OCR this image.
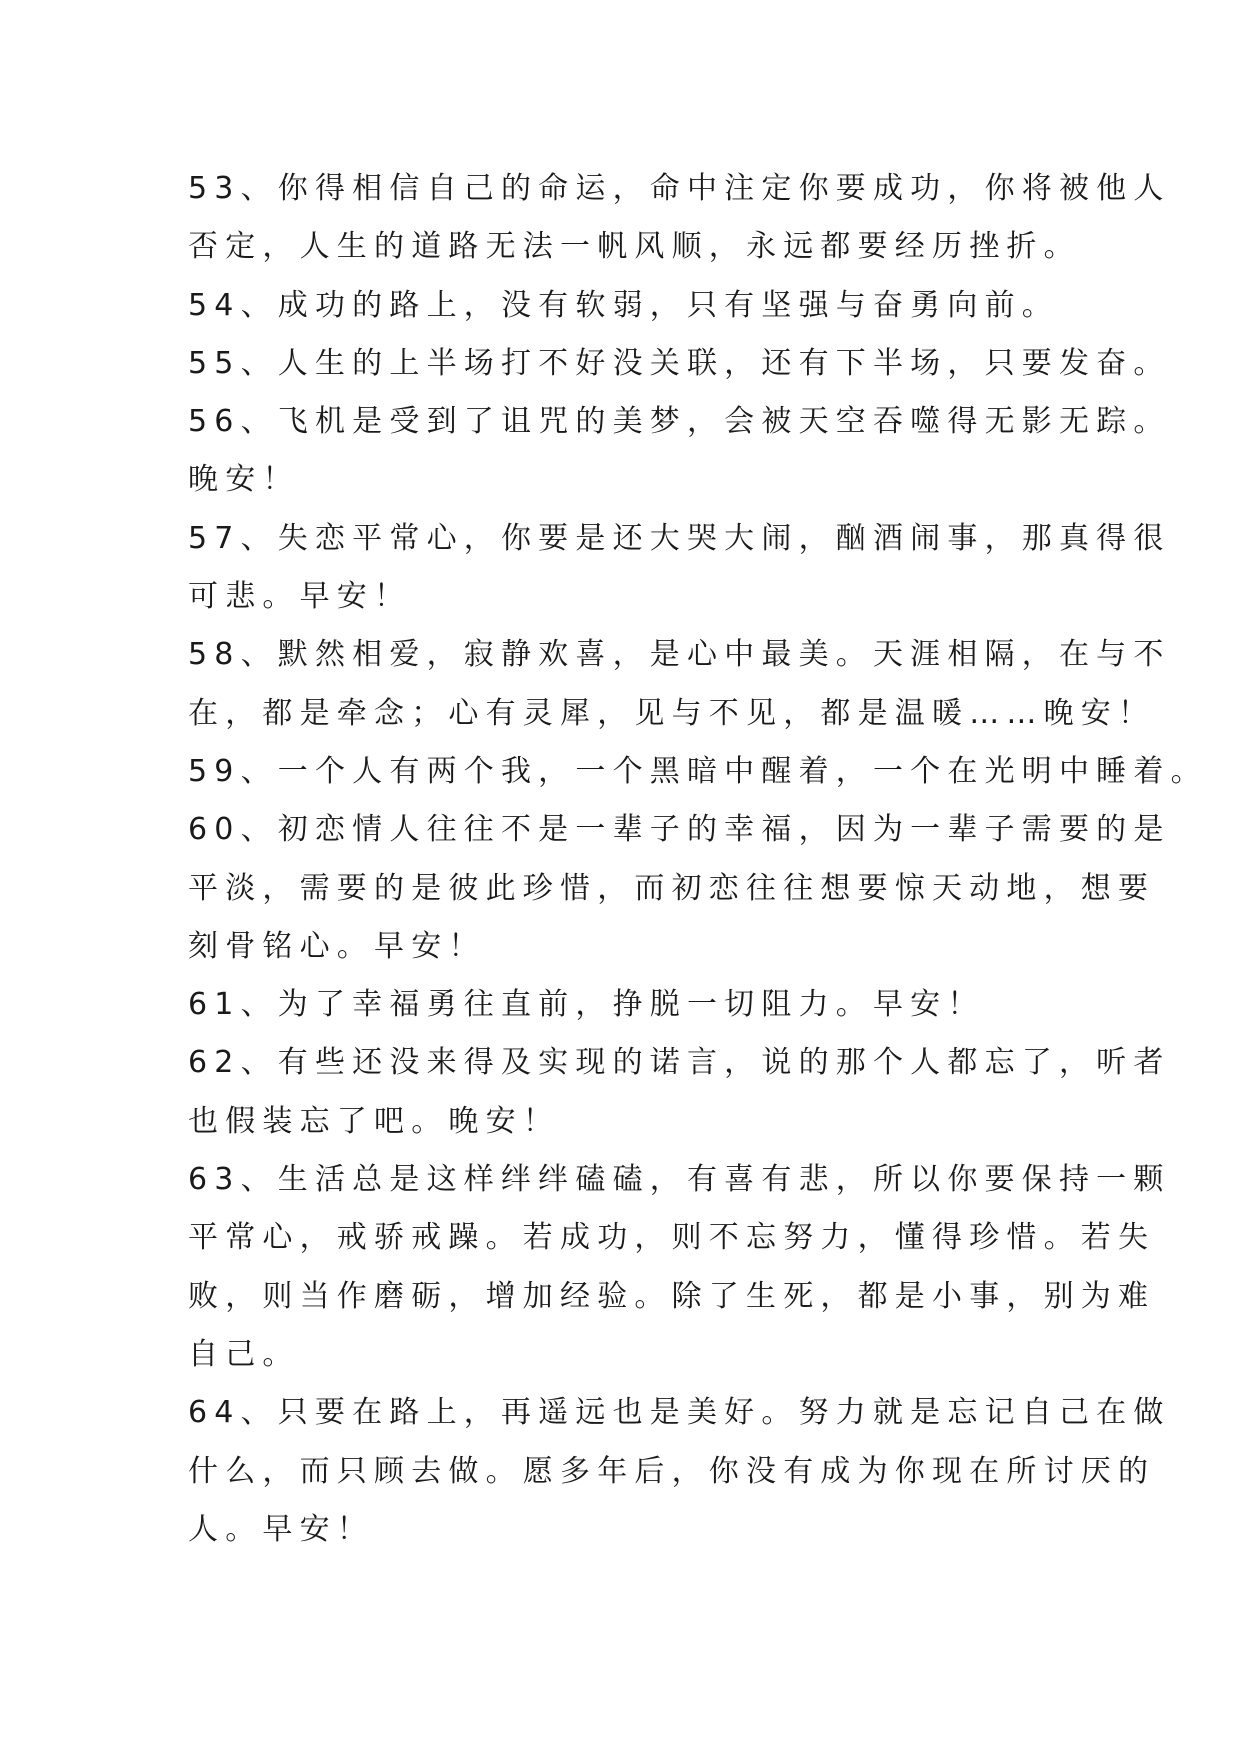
53、你得相信自己的命运，命中注定你要成功，你将被他人
否定，人生的道路无法一帆风顺，永远都要经历挫折。
54、成功的路上，没有软弱，只有坚强与奋勇向前。
55、人生的上半场打不好没关联，还有下半场，只要发奋。
56、飞机是受到了诅咒的美梦，会被天空吞噬得无影无踪。
晚安！
57、失恋平常心，你要是还大哭大闹，酗酒闹事，那真得很
可悲。早安！
58、默然相爱，寂静欢喜，是心中最美。天涯相隔，在与不
在，都是牵念；心有灵犀，见与不见，都是温暖……晚安！
59、一个人有两个我，一个黑暗中醒着，一个在光明中睡着。
60、初恋情人往往不是一辈子的幸福，因为一辈子需要的是
平淡，需要的是彼此珍惜，而初恋往往想要惊天动地，想要
刻骨铭心。早安！
61、为了幸福勇往直前，挣脱一切阻力。早安！
62、有些还没来得及实现的诺言，说的那个人都忘了，听者
也假装忘了吧。晚安！
63、生活总是这样绊绊磕磕，有喜有悲，所以你要保持一颗
平常心，戒骄戒躁。若成功，则不忘努力，懂得珍惜。若失
败，则当作磨砺，增加经验。除了生死，都是小事，别为难
自己。
64、只要在路上，再遥远也是美好。努力就是忘记自己在做
什么，而只顾去做。愿多年后，你没有成为你现在所讨厌的
人。早安！
